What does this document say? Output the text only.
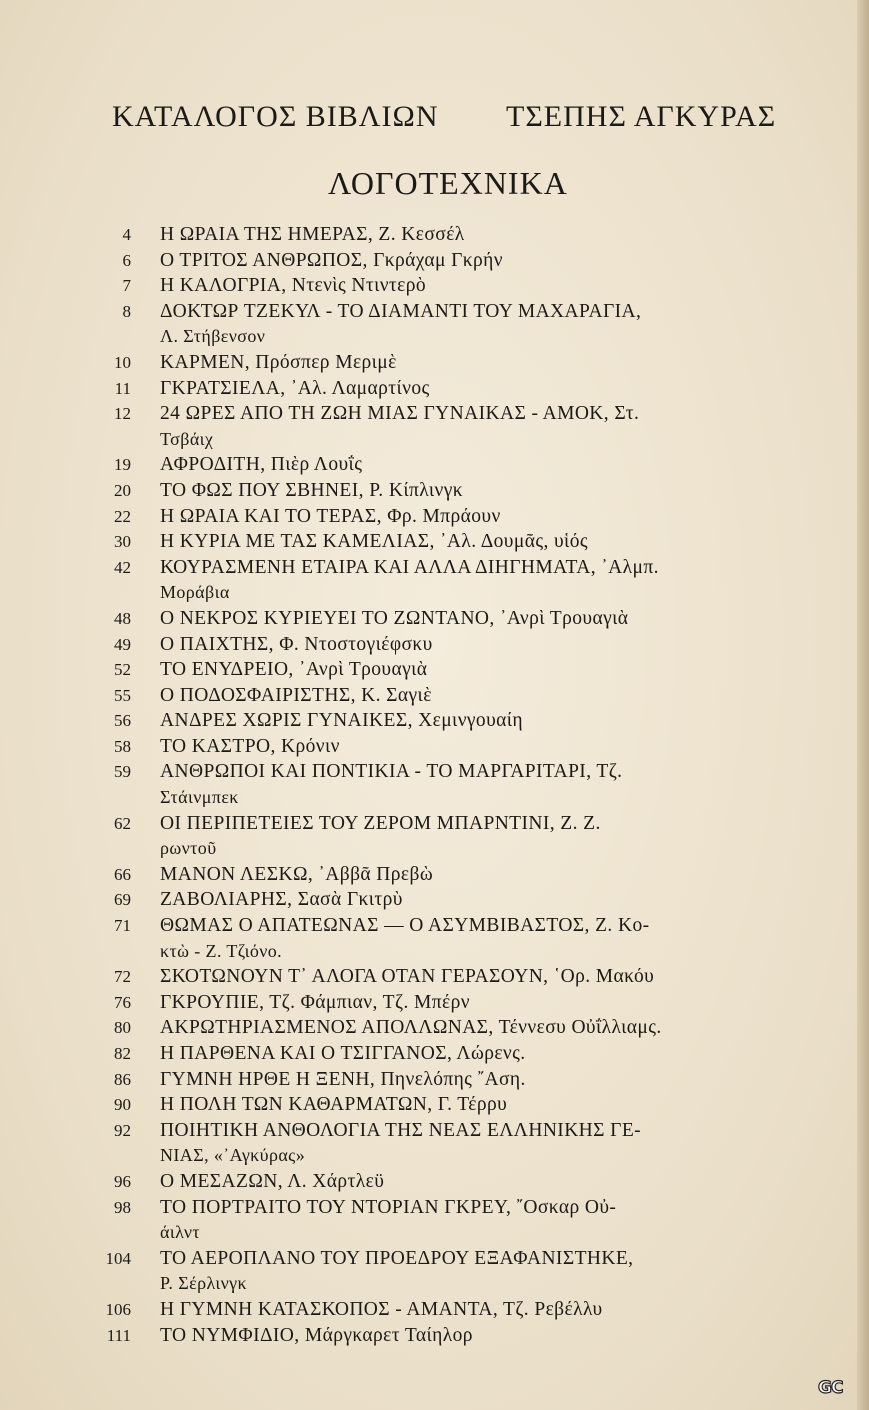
ΚΑΤΑΛΟΓΟΣ ΒΙΒΛΙΩΝ ΤΣΕΠΗΣ ΑΓΚΥΡΑΣ
ΛΟΓΟΤΕΧΝΙΚΑ
4 Η ΩΡΑΙΑ ΤΗΣ ΗΜΕΡΑΣ, Ζ. Κεσσέλ
6 Ο ΤΡΙΤΟΣ ΑΝΘΡΩΠΟΣ, Γκράχαμ Γκρήν
7 Η ΚΑΛΟΓΡΙΑ, Ντενὶς Ντιντερὸ
8 ΔΟΚΤΩΡ ΤΖΕΚΥΛ - ΤΟ ΔΙΑΜΑΝΤΙ ΤΟΥ ΜΑΧΑΡΑΓΙΑ,
Λ. Στήβενσον
10 ΚΑΡΜΕΝ, Πρόσπερ Μεριμὲ
11 ΓΚΡΑΤΣΙΕΛΑ, ᾿Αλ. Λαμαρτίνος
12 24 ΩΡΕΣ ΑΠΟ ΤΗ ΖΩΗ ΜΙΑΣ ΓΥΝΑΙΚΑΣ - ΑΜΟΚ, Στ.
Τσβάιχ
19 ΑΦΡΟΔΙΤΗ, Πιὲρ Λουΐς
20 ΤΟ ΦΩΣ ΠΟΥ ΣΒΗΝΕΙ, Ρ. Κίπλινγκ
22 Η ΩΡΑΙΑ ΚΑΙ ΤΟ ΤΕΡΑΣ, Φρ. Μπράουν
30 Η ΚΥΡΙΑ ΜΕ ΤΑΣ ΚΑΜΕΛΙΑΣ, ᾿Αλ. Δουμᾶς, υἱός
42 ΚΟΥΡΑΣΜΕΝΗ ΕΤΑΙΡΑ ΚΑΙ ΑΛΛΑ ΔΙΗΓΗΜΑΤΑ, ᾿Αλμπ.
Μοράβια
48 Ο ΝΕΚΡΟΣ ΚΥΡΙΕΥΕΙ ΤΟ ΖΩΝΤΑΝΟ, ᾿Ανρὶ Τρουαγιὰ
49 Ο ΠΑΙΧΤΗΣ, Φ. Ντοστογιέφσκυ
52 ΤΟ ΕΝΥΔΡΕΙΟ, ᾿Ανρὶ Τρουαγιὰ
55 Ο ΠΟΔΟΣΦΑΙΡΙΣΤΗΣ, Κ. Σαγιὲ
56 ΑΝΔΡΕΣ ΧΩΡΙΣ ΓΥΝΑΙΚΕΣ, Χεμινγουαίη
58 ΤΟ ΚΑΣΤΡΟ, Κρόνιν
59 ΑΝΘΡΩΠΟΙ ΚΑΙ ΠΟΝΤΙΚΙΑ - ΤΟ ΜΑΡΓΑΡΙΤΑΡΙ, Τζ.
Στάινμπεκ
62 ΟΙ ΠΕΡΙΠΕΤΕΙΕΣ ΤΟΥ ΖΕΡΟΜ ΜΠΑΡΝΤΙΝΙ, Ζ. Ζ.
ρωντοῦ
66 ΜΑΝΟΝ ΛΕΣΚΩ, ᾿Αββᾶ Πρεβὼ
69 ΖΑΒΟΛΙΑΡΗΣ, Σασὰ Γκιτρὺ
71 ΘΩΜΑΣ Ο ΑΠΑΤΕΩΝΑΣ — Ο ΑΣΥΜΒΙΒΑΣΤΟΣ, Ζ. Κο-
κτὼ - Ζ. Τζιόνο.
72 ΣΚΟΤΩΝΟΥΝ Τ᾿ ΑΛΟΓΑ ΟΤΑΝ ΓΕΡΑΣΟΥΝ, ῾Ορ. Μακόυ
76 ΓΚΡΟΥΠΙΕ, Τζ. Φάμπιαν, Τζ. Μπέρν
80 ΑΚΡΩΤΗΡΙΑΣΜΕΝΟΣ ΑΠΟΛΛΩΝΑΣ, Τέννεσυ Οὐΐλλιαμς.
82 Η ΠΑΡΘΕΝΑ ΚΑΙ Ο ΤΣΙΓΓΑΝΟΣ, Λώρενς.
86 ΓΥΜΝΗ ΗΡΘΕ Η ΞΕΝΗ, Πηνελόπης ῎Αση.
90 Η ΠΟΛΗ ΤΩΝ ΚΑΘΑΡΜΑΤΩΝ, Γ. Τέρρυ
92 ΠΟΙΗΤΙΚΗ ΑΝΘΟΛΟΓΙΑ ΤΗΣ ΝΕΑΣ ΕΛΛΗΝΙΚΗΣ ΓΕ-
ΝΙΑΣ, «᾿Αγκύρας»
96 Ο ΜΕΣΑΖΩΝ, Λ. Χάρτλεϋ
98 ΤΟ ΠΟΡΤΡΑΙΤΟ ΤΟΥ ΝΤΟΡΙΑΝ ΓΚΡΕΥ, ῎Οσκαρ Οὐ-
άιλντ
104 ΤΟ ΑΕΡΟΠΛΑΝΟ ΤΟΥ ΠΡΟΕΔΡΟΥ ΕΞΑΦΑΝΙΣΤΗΚΕ,
Ρ. Σέρλινγκ
106 Η ΓΥΜΝΗ ΚΑΤΑΣΚΟΠΟΣ - ΑΜΑΝΤΑ, Τζ. Ρεβέλλυ
111 ΤΟ ΝΥΜΦΙΔΙΟ, Μάργκαρετ Ταίηλορ
GC
